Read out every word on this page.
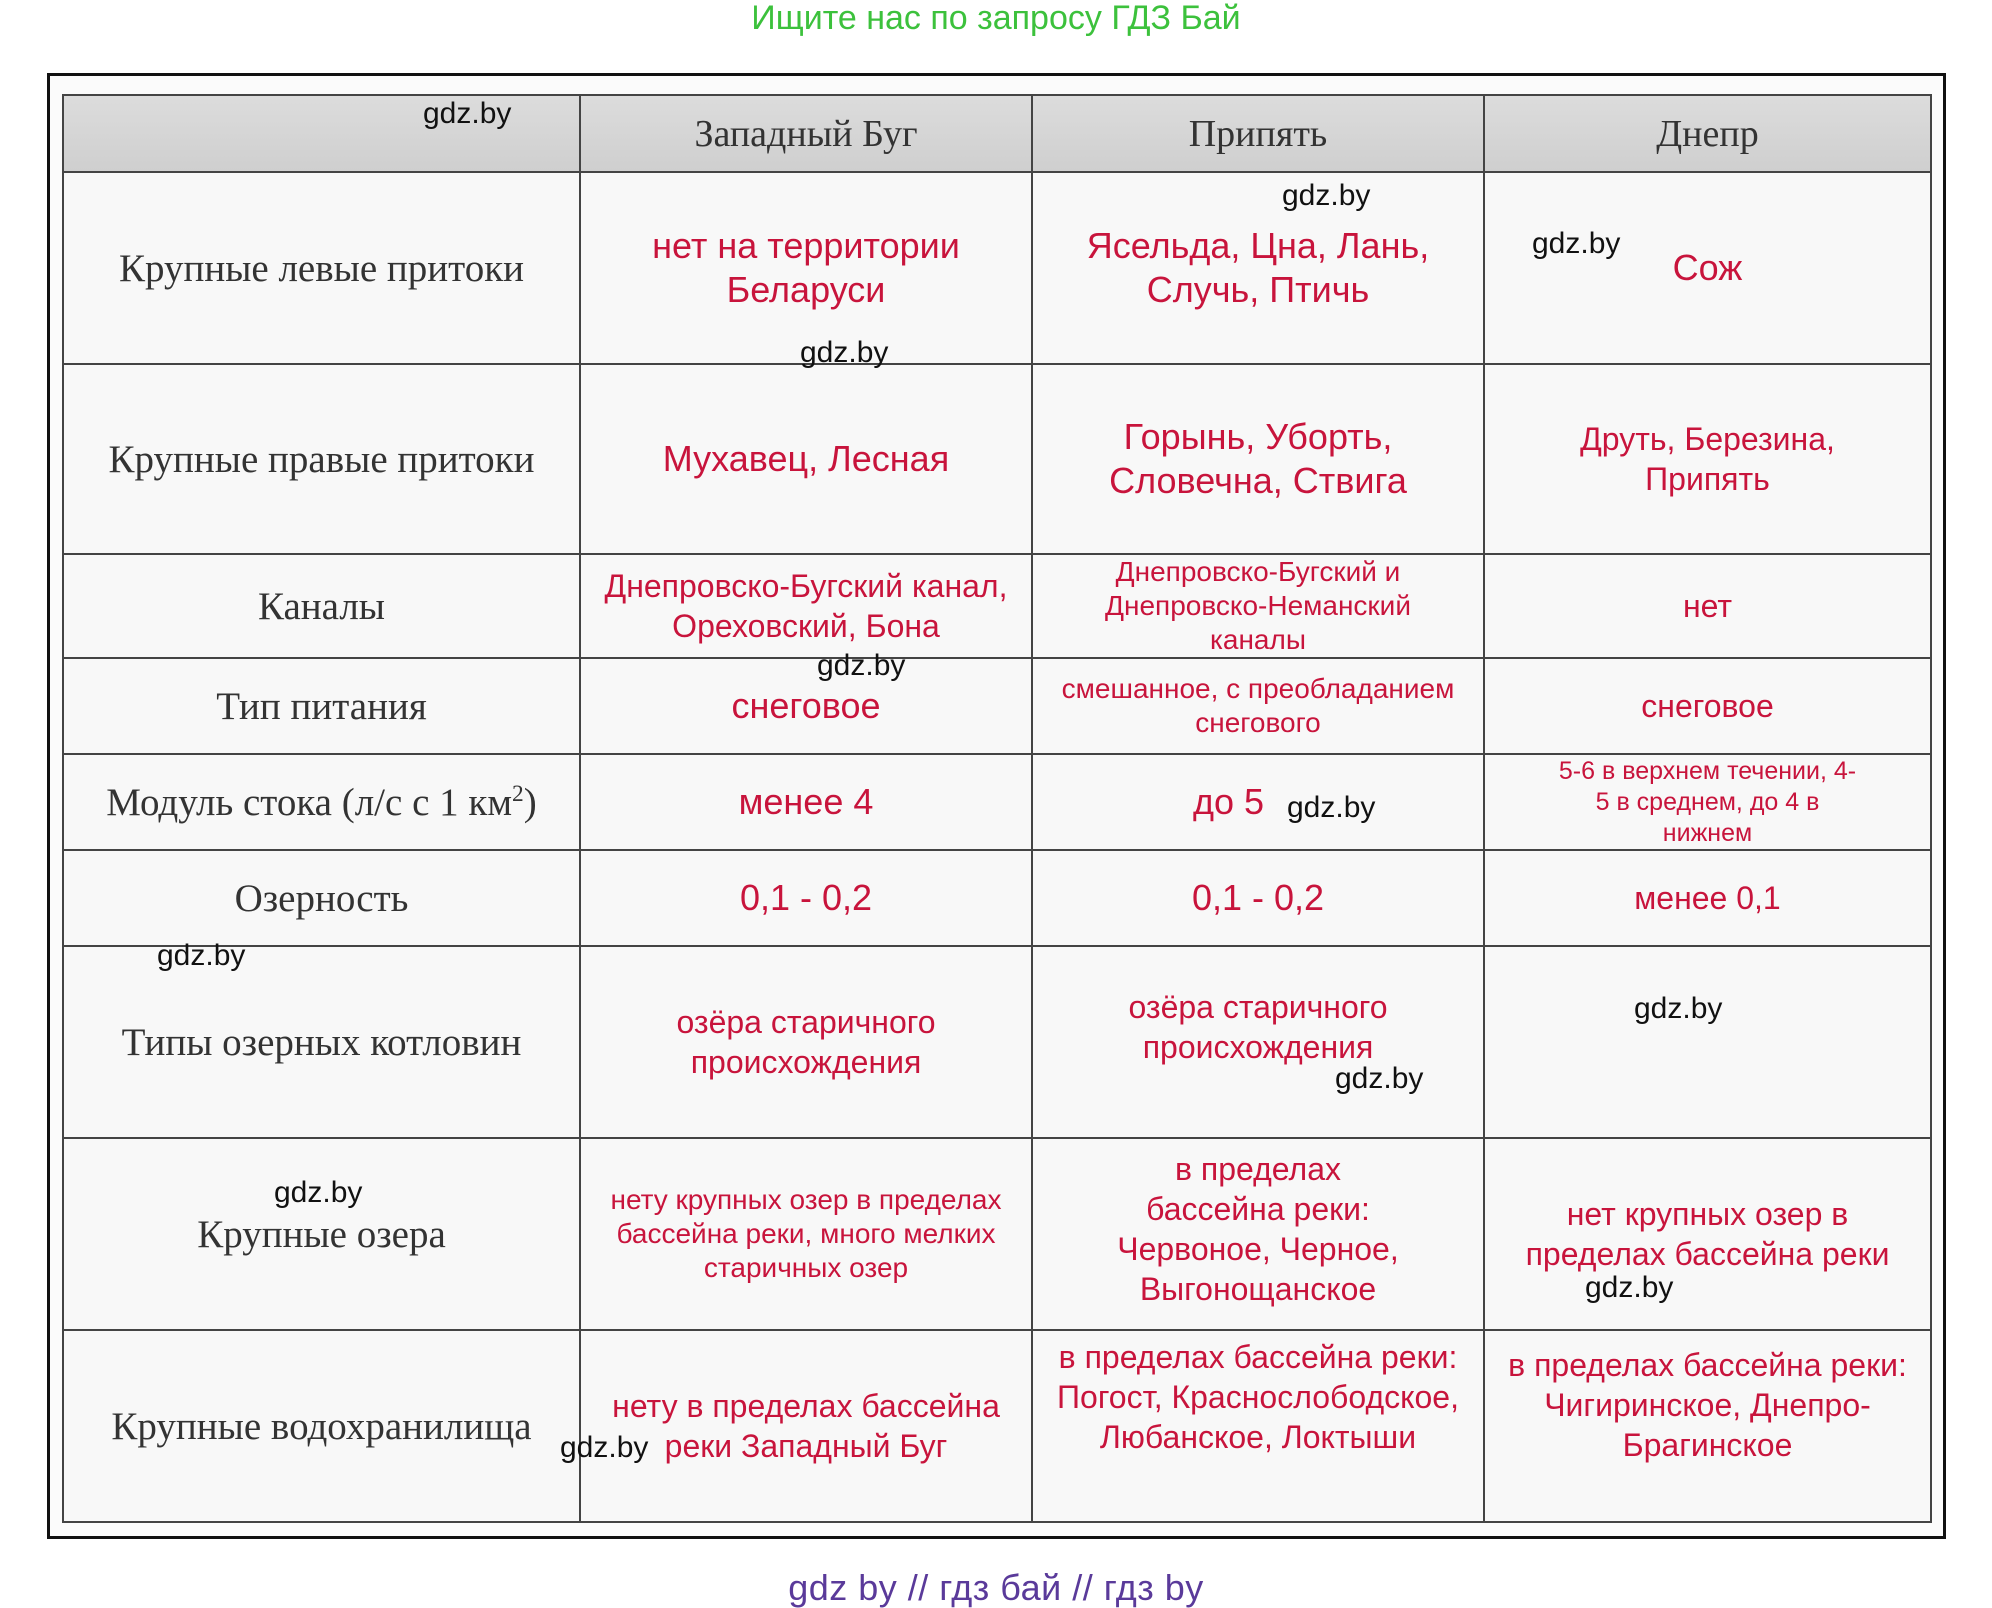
Ищите нас по запросу ГДЗ Бай
	Западный Буг	Припять	Днепр
Крупные левые притоки	нет на территории Беларуси	Ясельда, Цна, Лань, Случь, Птичь	Сож
Крупные правые притоки	Мухавец, Лесная	Горынь, Уборть, Словечна, Ствига	Друть, Березина, Припять
Каналы	Днепровско-Бугский канал, Ореховский, Бона	Днепровско-Бугский и Днепровско-Неманский каналы	нет
Тип питания	снеговое	смешанное, с преобладанием снегового	снеговое
Модуль стока (л/с с 1 $км^2$)	менее 4	до 5	5-6 в верхнем течении, 4-5 в среднем, до 4 в нижнем
Озерность	0,1 - 0,2	0,1 - 0,2	менее 0,1
Типы озерных котловин	озёра старичного происхождения	озёра старичного происхождения	
Крупные озера	нету крупных озер в пределах бассейна реки, много мелких старичных озер	в пределах бассейна реки: Червоное, Черное, Выгонощанское	нет крупных озер в пределах бассейна реки
Крупные водохранилища	нету в пределах бассейна реки Западный Буг	в пределах бассейна реки: Погост, Краснослободское, Любанское, Локтыши	в пределах бассейна реки: Чигиринское, Днепро-Брагинское
gdz.by
gdz.by
gdz.by
gdz.by
gdz.by
gdz.by
gdz.by
gdz.by
gdz.by
gdz.by
gdz.by
gdz.by
gdz by // гдз бай // гдз by
